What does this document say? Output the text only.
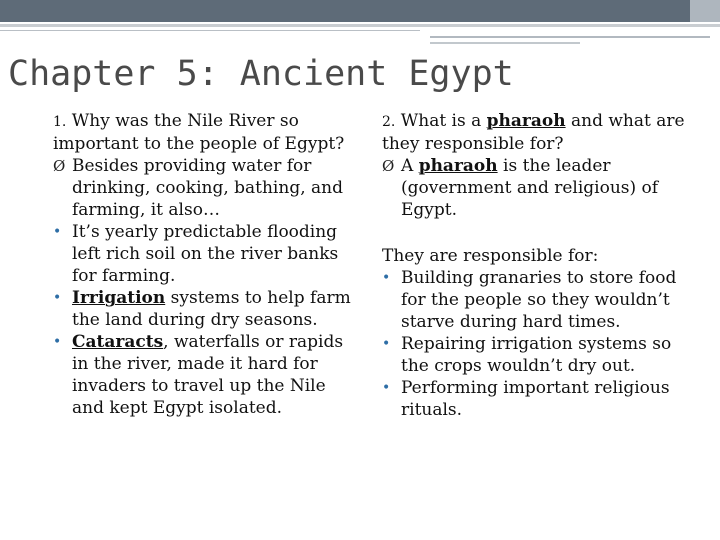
Chapter 5: Ancient Egypt

1. Why was the Nile River so important to the people of Egypt?

Ø Besides providing water for drinking, cooking, bathing, and farming, it also…

• It’s yearly predictable flooding left rich soil on the river banks for farming.

• Irrigation systems to help farm the land during dry seasons.

• Cataracts, waterfalls or rapids in the river, made it hard for invaders to travel up the Nile and kept Egypt isolated.

2. What is a pharaoh and what are they responsible for?

Ø A pharaoh is the leader (government and religious) of Egypt.

They are responsible for:

• Building granaries to store food for the people so they wouldn’t starve during hard times.

• Repairing irrigation systems so the crops wouldn’t dry out.

• Performing important religious rituals.
